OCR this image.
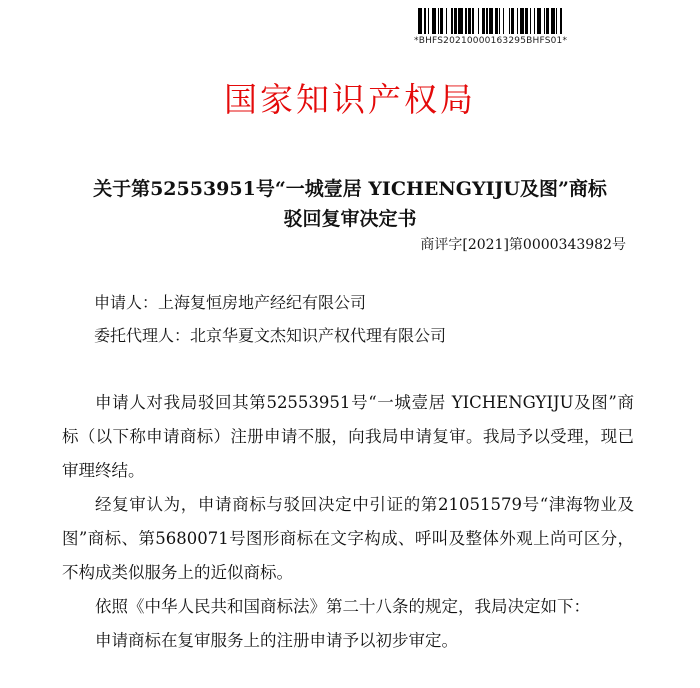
*BHFS20210000163295BHFS01*
国家知识产权局
关于第52553951号“一城壹居 YICHENGYIJU及图”商标
驳回复审决定书
商评字[2021]第0000343982号
申请人：上海复恒房地产经纪有限公司
委托代理人：北京华夏文杰知识产权代理有限公司
申请人对我局驳回其第52553951号“一城壹居 YICHENGYIJU及图”商标（以下称申请商标）注册申请不服，向我局申请复审。我局予以受理，现已审理终结。
经复审认为，申请商标与驳回决定中引证的第21051579号“津海物业及图”商标、第5680071号图形商标在文字构成、呼叫及整体外观上尚可区分，不构成类似服务上的近似商标。
依照《中华人民共和国商标法》第二十八条的规定，我局决定如下：
申请商标在复审服务上的注册申请予以初步审定。
